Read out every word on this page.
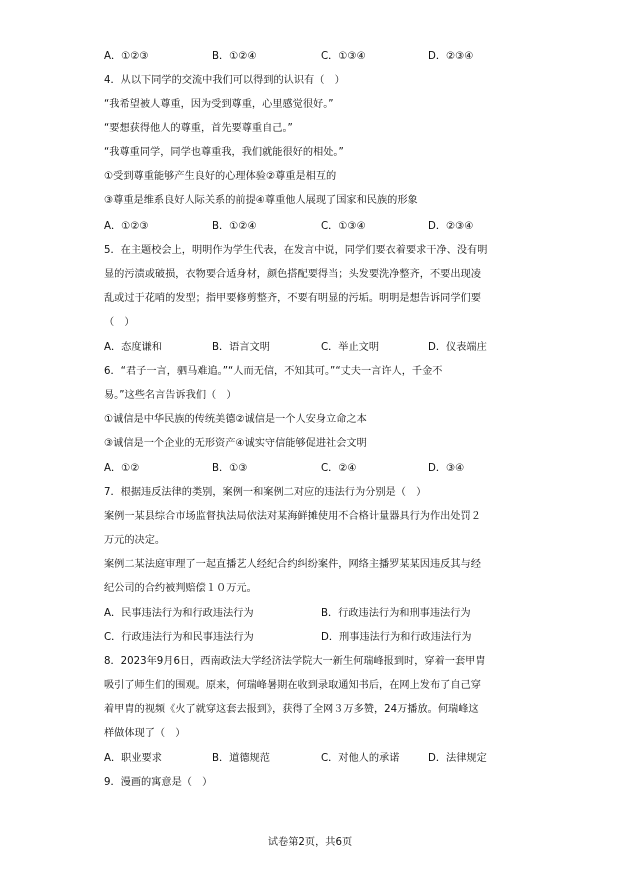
A．①②③	B．①②④	C．①③④	D．②③④
4．从以下同学的交流中我们可以得到的认识有（　）
“我希望被人尊重，因为受到尊重，心里感觉很好。”
“要想获得他人的尊重，首先要尊重自己。”
“我尊重同学，同学也尊重我，我们就能很好的相处。”
①受到尊重能够产生良好的心理体验②尊重是相互的
③尊重是维系良好人际关系的前提④尊重他人展现了国家和民族的形象
A．①②③	B．①②④	C．①③④	D．②③④
5．在主题校会上，明明作为学生代表，在发言中说，同学们要衣着要求干净、没有明
显的污渍或破损，衣物要合适身材，颜色搭配要得当；头发要洗净整齐，不要出现凌
乱或过于花哨的发型；指甲要修剪整齐，不要有明显的污垢。明明是想告诉同学们要
（　）
A．态度谦和	B．语言文明	C．举止文明	D．仪表端庄
6．“君子一言，驷马难追。”“人而无信，不知其可。”“丈夫一言许人，千金不
易。”这些名言告诉我们（　）
①诚信是中华民族的传统美德②诚信是一个人安身立命之本
③诚信是一个企业的无形资产④诚实守信能够促进社会文明
A．①②	B．①③	C．②④	D．③④
7．根据违反法律的类别，案例一和案例二对应的违法行为分别是（　）
案例一某县综合市场监督执法局依法对某海鲜摊使用不合格计量器具行为作出处罚２
万元的决定。
案例二某法庭审理了一起直播艺人经纪合约纠纷案件，网络主播罗某某因违反其与经
纪公司的合约被判赔偿１０万元。
A．民事违法行为和行政违法行为	B．行政违法行为和刑事违法行为
C．行政违法行为和民事违法行为	D．刑事违法行为和行政违法行为
8．2023年9月6日，西南政法大学经济法学院大一新生何瑞峰报到时，穿着一套甲胄
吸引了师生们的围观。原来，何瑞峰暑期在收到录取通知书后，在网上发布了自己穿
着甲胄的视频《火了就穿这套去报到》，获得了全网３万多赞，24万播放。何瑞峰这
样做体现了（　）
A．职业要求	B．道德规范	C．对他人的承诺	D．法律规定
9．漫画的寓意是（　）
试卷第2页，共6页
